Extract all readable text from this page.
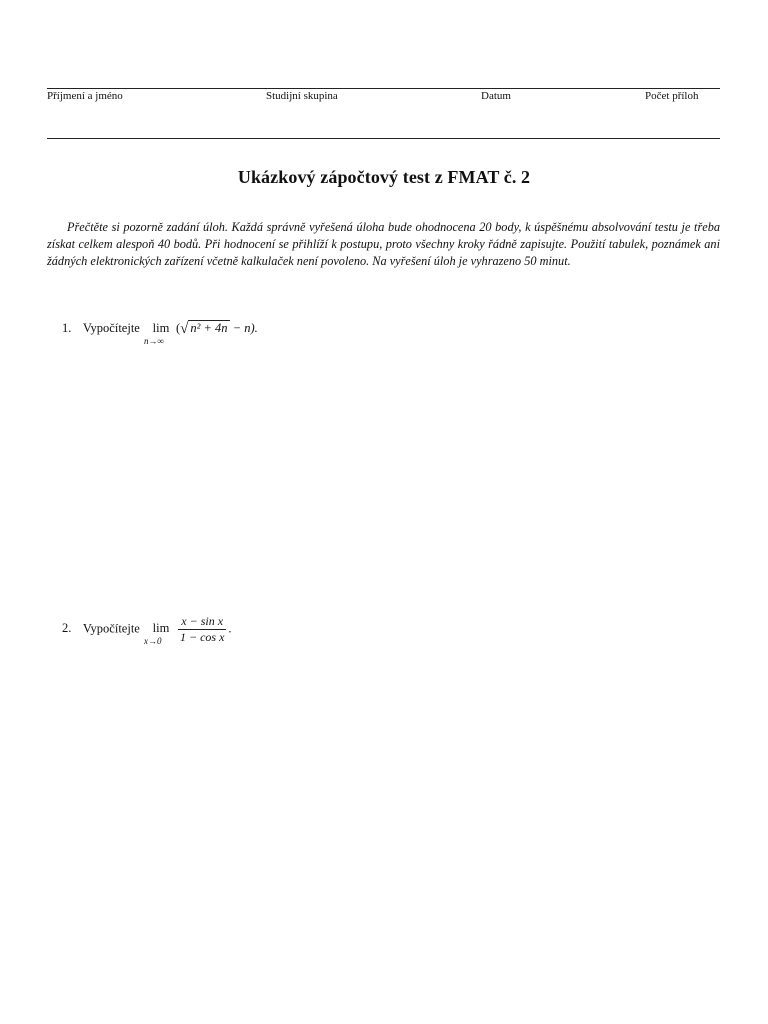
Příjmení a jméno	Studijní skupina	Datum	Počet příloh
Ukázkový zápočtový test z FMAT č. 2
Přečtěte si pozorně zadání úloh. Každá správně vyřešená úloha bude ohodnocena 20 body, k úspěšnému absolvování testu je třeba získat celkem alespoň 40 bodů. Při hodnocení se přihlíží k postupu, proto všechny kroky řádně zapisujte. Použití tabulek, poznámek ani žádných elektronických zařízení včetně kalkulaček není povoleno. Na vyřešení úloh je vyhrazeno 50 minut.
1. Vypočítejte lim
n→∞
(√ n² + 4n − n).
2. Vypočítejte lim
$x\to 0 \frac{\text{x − sin x}}{\text{1 − cos x}}$ .
